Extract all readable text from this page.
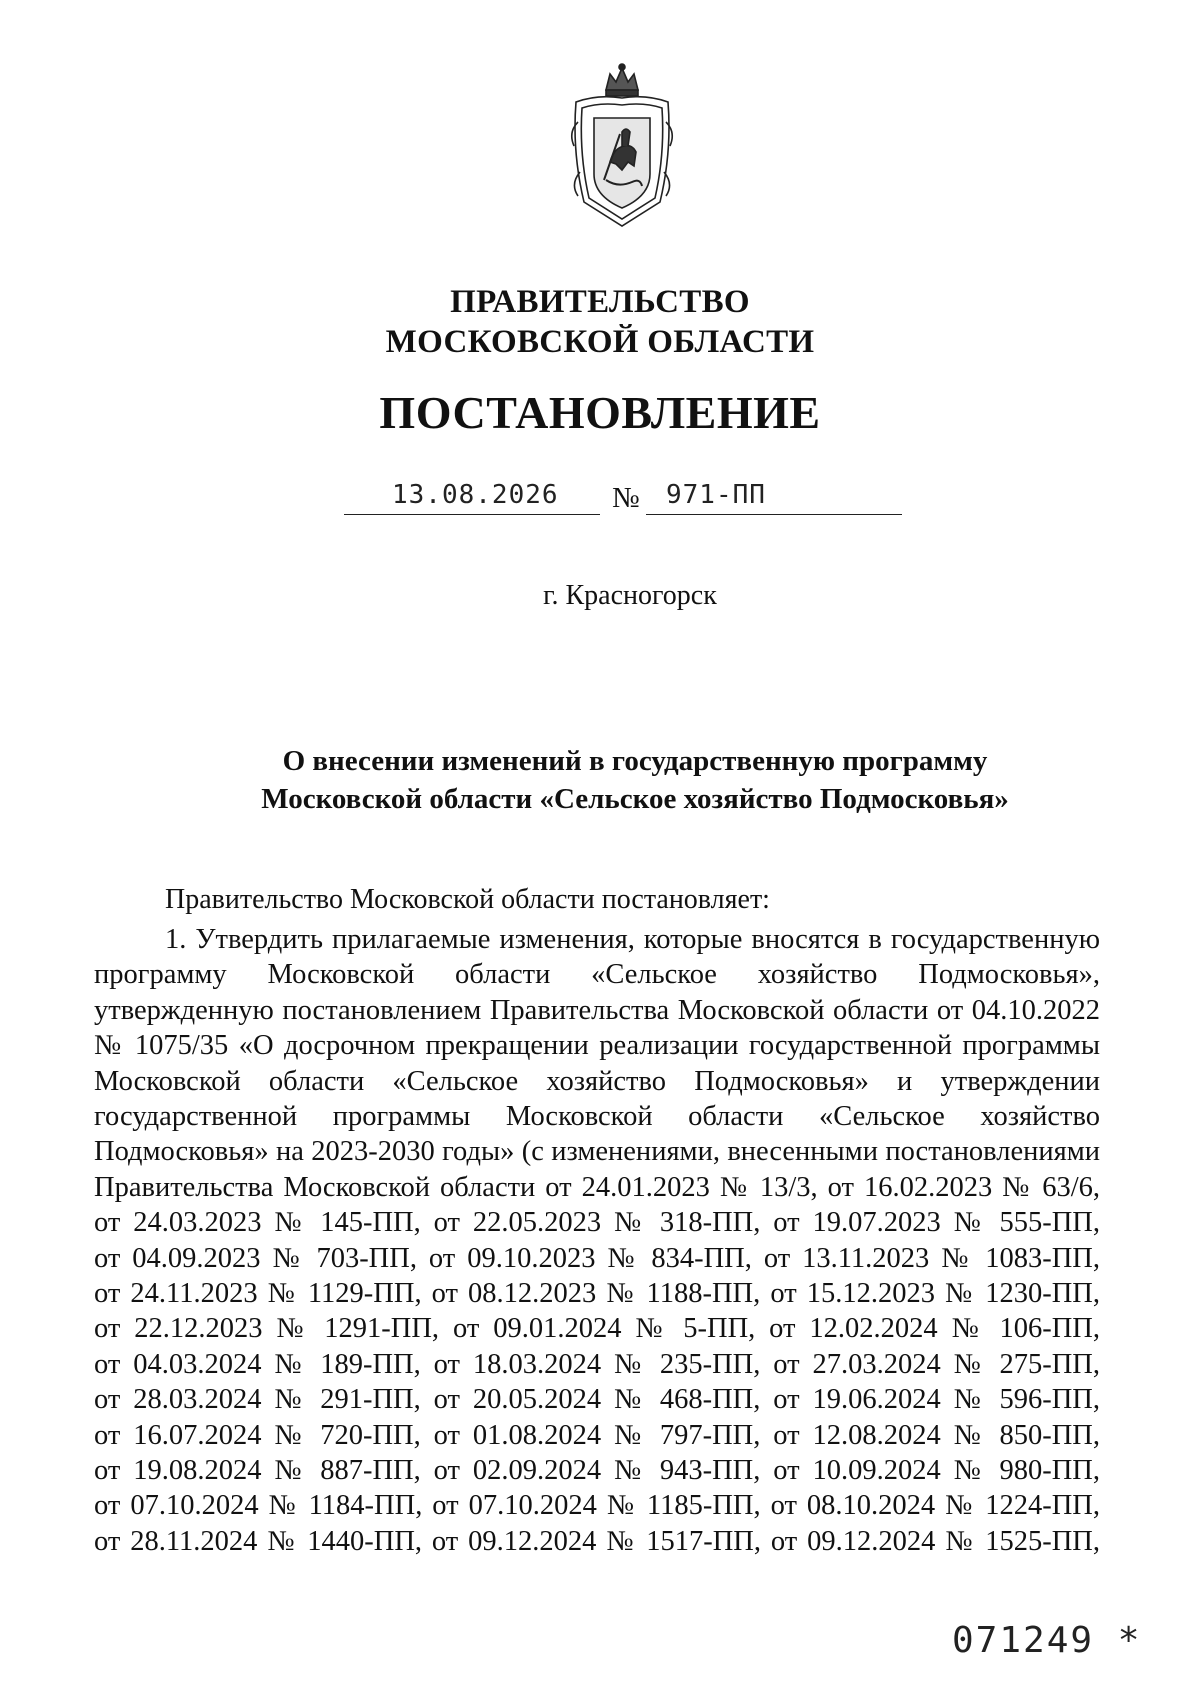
ПРАВИТЕЛЬСТВО
МОСКОВСКОЙ ОБЛАСТИ
ПОСТАНОВЛЕНИЕ
13.08.2026 № 971-ПП
г. Красногорск
О внесении изменений в государственную программу
Московской области «Сельское хозяйство Подмосковья»
Правительство Московской области постановляет:
1. Утвердить прилагаемые изменения, которые вносятся в государственную
программу Московской области «Сельское хозяйство Подмосковья»,
утвержденную постановлением Правительства Московской области от 04.10.2022
№ 1075/35 «О досрочном прекращении реализации государственной программы
Московской области «Сельское хозяйство Подмосковья» и утверждении
государственной программы Московской области «Сельское хозяйство
Подмосковья» на 2023-2030 годы» (с изменениями, внесенными постановлениями
Правительства Московской области от 24.01.2023 № 13/3, от 16.02.2023 № 63/6,
от 24.03.2023 № 145-ПП, от 22.05.2023 № 318-ПП, от 19.07.2023 № 555-ПП,
от 04.09.2023 № 703-ПП, от 09.10.2023 № 834-ПП, от 13.11.2023 № 1083-ПП,
от 24.11.2023 № 1129-ПП, от 08.12.2023 № 1188-ПП, от 15.12.2023 № 1230-ПП,
от 22.12.2023 № 1291-ПП, от 09.01.2024 № 5-ПП, от 12.02.2024 № 106-ПП,
от 04.03.2024 № 189-ПП, от 18.03.2024 № 235-ПП, от 27.03.2024 № 275-ПП,
от 28.03.2024 № 291-ПП, от 20.05.2024 № 468-ПП, от 19.06.2024 № 596-ПП,
от 16.07.2024 № 720-ПП, от 01.08.2024 № 797-ПП, от 12.08.2024 № 850-ПП,
от 19.08.2024 № 887-ПП, от 02.09.2024 № 943-ПП, от 10.09.2024 № 980-ПП,
от 07.10.2024 № 1184-ПП, от 07.10.2024 № 1185-ПП, от 08.10.2024 № 1224-ПП,
от 28.11.2024 № 1440-ПП, от 09.12.2024 № 1517-ПП, от 09.12.2024 № 1525-ПП,
071249 *
